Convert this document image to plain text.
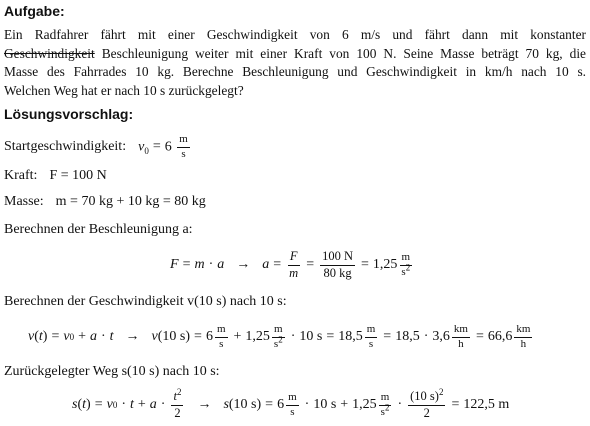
Aufgabe:
Ein Radfahrer fährt mit einer Geschwindigkeit von 6 m/s und fährt dann mit konstanter
Geschwindigkeit Beschleunigung weiter mit einer Kraft von 100 N. Seine Masse beträgt 70 kg, die
Masse des Fahrrades 10 kg. Berechne Beschleunigung und Geschwindigkeit in km/h nach 10 s.
Welchen Weg hat er nach 10 s zurückgelegt?
Lösungsvorschlag:
Startgeschwindigkeit: $v_0 = 6 \frac{m}{s}$
Kraft: F = 100 N
Masse: m = 70 kg + 10 kg = 80 kg
Berechnen der Beschleunigung a:
$F = m \cdot a \to a = \frac{F}{m} = \frac{100 N}{80 kg} = 1,25 \frac{m}{s^2}$
Berechnen der Geschwindigkeit v(10 s) nach 10 s:
v ( t ) = v 0 + a · t → v (10 $s) = 6 \frac{m}{s} + 1,25 \frac{m}{s^2} \cdot 10$ $s = 18,5 \frac{m}{s} = 18,5 \cdot 3,6 \frac{km}{h} = 66,6 \frac{km}{h}$
Zurückgelegter Weg s(10 s) nach 10 s:
s ( t ) = v $0 \cdot t + a \cdot \frac{t^2}{2} \to s$ (10 $s) = 6 \frac{m}{s} \cdot 10$ $s + 1,25 \frac{m}{s^2} \cdot \frac{(10 s)^2}{2} = 122,5$ m
